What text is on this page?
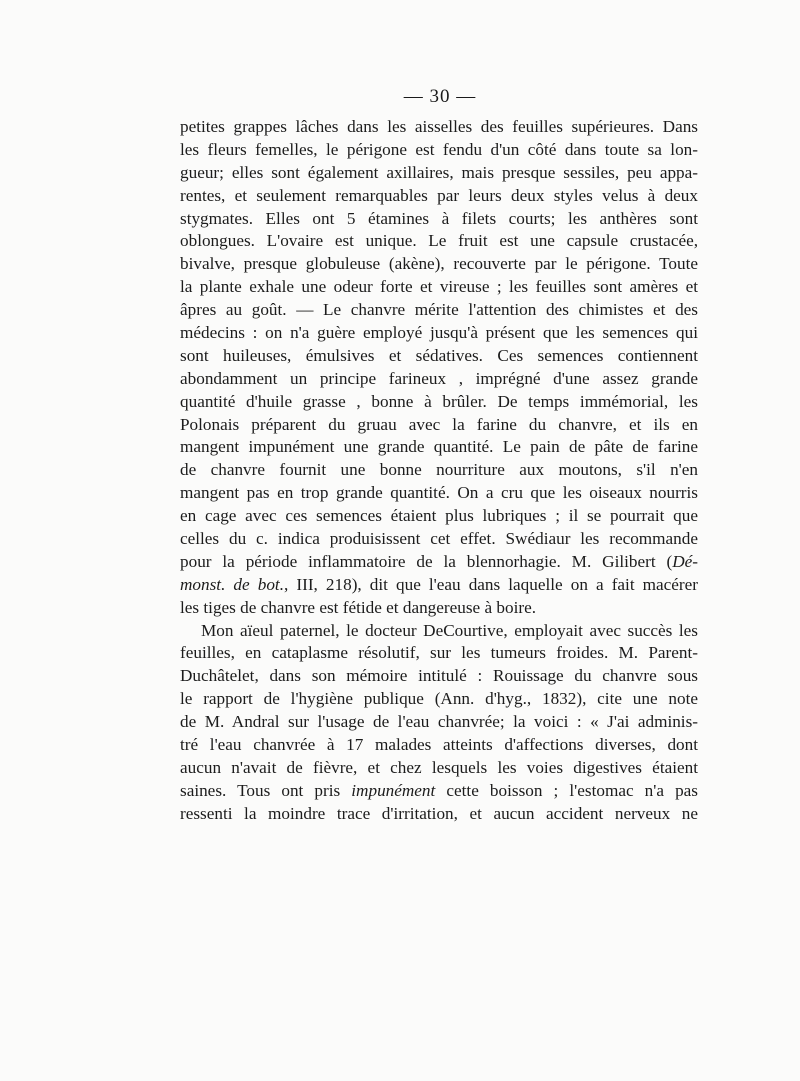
— 30 —
petites grappes lâches dans les aisselles des feuilles supérieures. Dans
les fleurs femelles, le périgone est fendu d'un côté dans toute sa lon-
gueur; elles sont également axillaires, mais presque sessiles, peu appa-
rentes, et seulement remarquables par leurs deux styles velus à deux
stygmates. Elles ont 5 étamines à filets courts; les anthères sont
oblongues. L'ovaire est unique. Le fruit est une capsule crustacée,
bivalve, presque globuleuse (akène), recouverte par le périgone. Toute
la plante exhale une odeur forte et vireuse ; les feuilles sont amères et
âpres au goût. — Le chanvre mérite l'attention des chimistes et des
médecins : on n'a guère employé jusqu'à présent que les semences qui
sont huileuses, émulsives et sédatives. Ces semences contiennent
abondamment un principe farineux , imprégné d'une assez grande
quantité d'huile grasse , bonne à brûler. De temps immémorial, les
Polonais préparent du gruau avec la farine du chanvre, et ils en
mangent impunément une grande quantité. Le pain de pâte de farine
de chanvre fournit une bonne nourriture aux moutons, s'il n'en
mangent pas en trop grande quantité. On a cru que les oiseaux nourris
en cage avec ces semences étaient plus lubriques ; il se pourrait que
celles du c. indica produisissent cet effet. Swédiaur les recommande
pour la période inflammatoire de la blennorhagie. M. Gilibert (Dé-
monst. de bot., III, 218), dit que l'eau dans laquelle on a fait macérer
les tiges de chanvre est fétide et dangereuse à boire.
Mon aïeul paternel, le docteur DeCourtive, employait avec succès les
feuilles, en cataplasme résolutif, sur les tumeurs froides. M. Parent-
Duchâtelet, dans son mémoire intitulé : Rouissage du chanvre sous
le rapport de l'hygiène publique (Ann. d'hyg., 1832), cite une note
de M. Andral sur l'usage de l'eau chanvrée; la voici : « J'ai adminis-
tré l'eau chanvrée à 17 malades atteints d'affections diverses, dont
aucun n'avait de fièvre, et chez lesquels les voies digestives étaient
saines. Tous ont pris impunément cette boisson ; l'estomac n'a pas
ressenti la moindre trace d'irritation, et aucun accident nerveux ne
